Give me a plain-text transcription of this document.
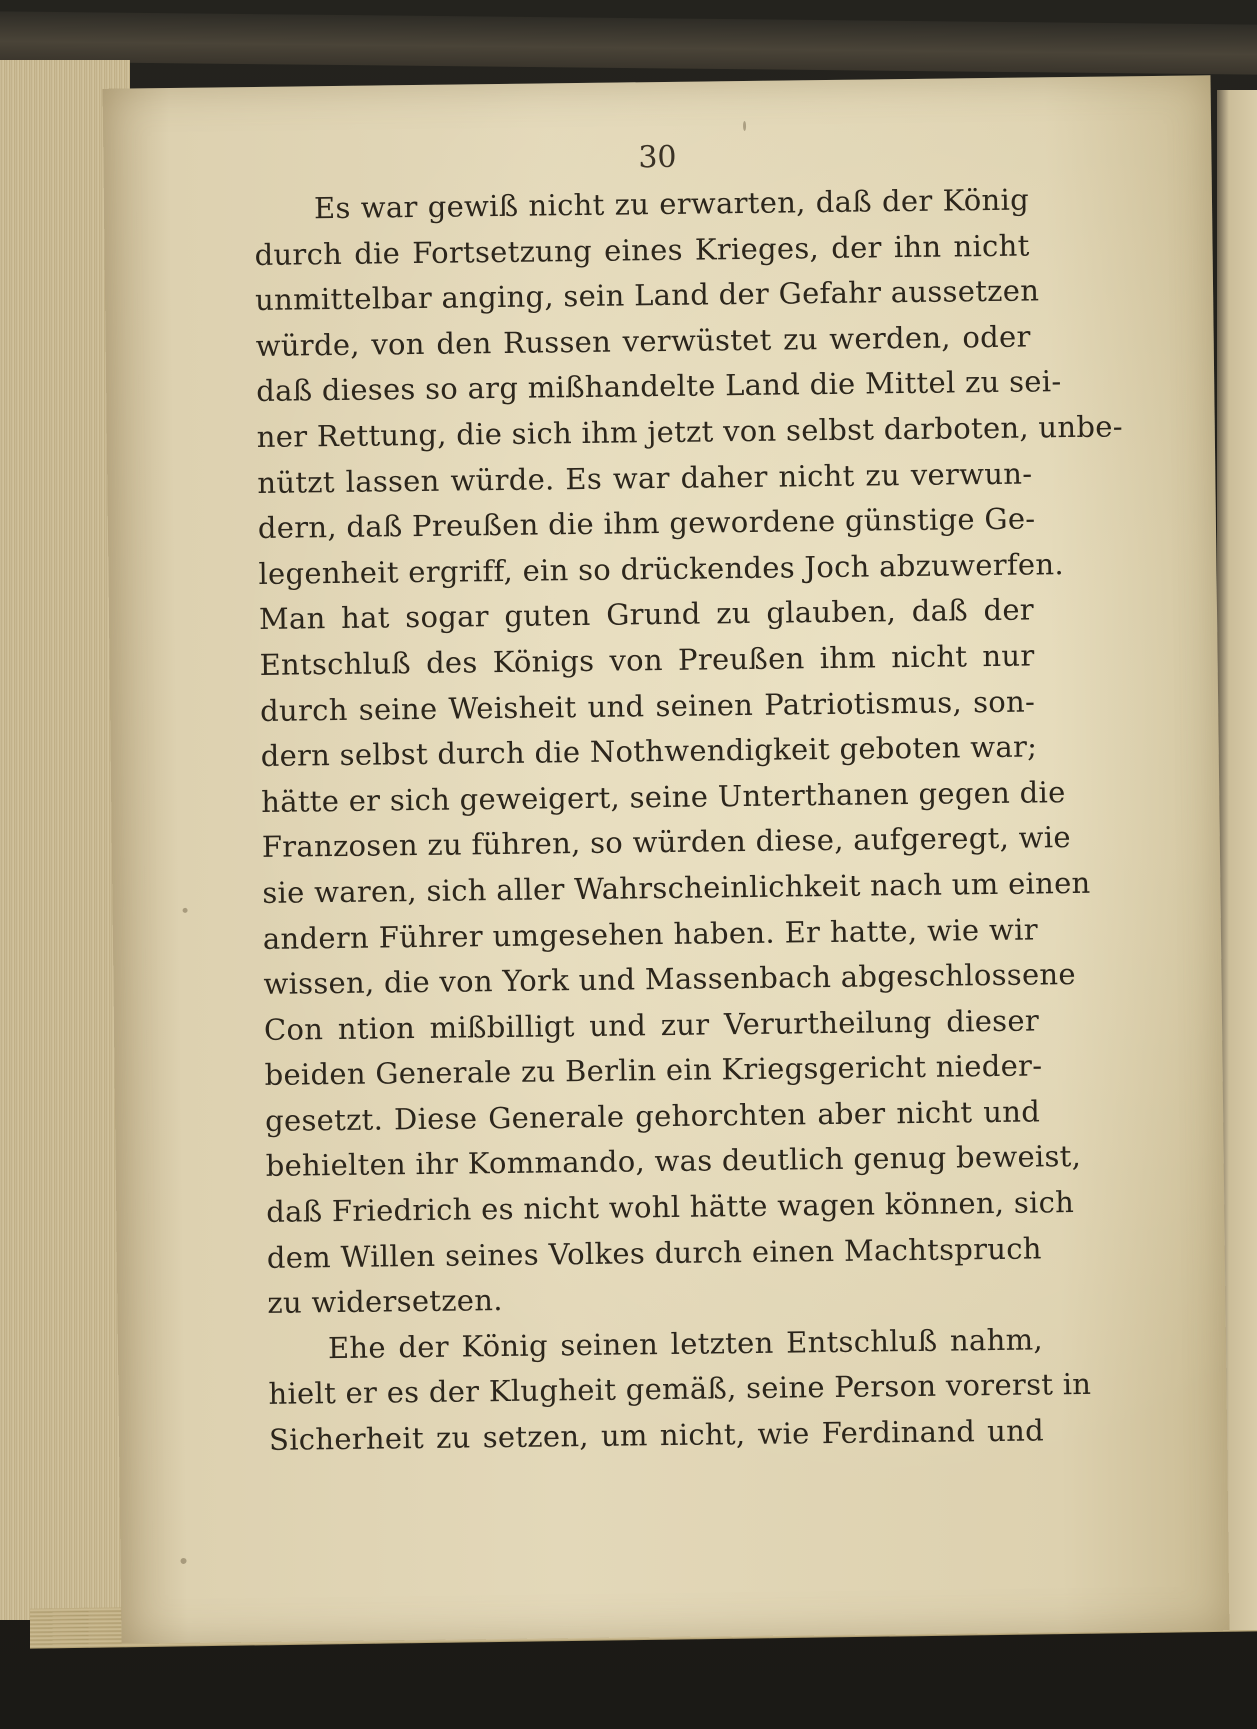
30
Es war gewiß nicht zu erwarten, daß der König
durch die Fortsetzung eines Krieges, der ihn nicht
unmittelbar anging, sein Land der Gefahr aussetzen
würde, von den Russen verwüstet zu werden, oder
daß dieses so arg mißhandelte Land die Mittel zu sei-
ner Rettung, die sich ihm jetzt von selbst darboten, unbe-
nützt lassen würde. Es war daher nicht zu verwun-
dern, daß Preußen die ihm gewordene günstige Ge-
legenheit ergriff, ein so drückendes Joch abzuwerfen.
Man hat sogar guten Grund zu glauben, daß der
Entschluß des Königs von Preußen ihm nicht nur
durch seine Weisheit und seinen Patriotismus, son-
dern selbst durch die Nothwendigkeit geboten war;
hätte er sich geweigert, seine Unterthanen gegen die
Franzosen zu führen, so würden diese, aufgeregt, wie
sie waren, sich aller Wahrscheinlichkeit nach um einen
andern Führer umgesehen haben. Er hatte, wie wir
wissen, die von York und Massenbach abgeschlossene
Con ntion mißbilligt und zur Verurtheilung dieser
beiden Generale zu Berlin ein Kriegsgericht nieder-
gesetzt. Diese Generale gehorchten aber nicht und
behielten ihr Kommando, was deutlich genug beweist,
daß Friedrich es nicht wohl hätte wagen können, sich
dem Willen seines Volkes durch einen Machtspruch
zu widersetzen.
Ehe der König seinen letzten Entschluß nahm,
hielt er es der Klugheit gemäß, seine Person vorerst in
Sicherheit zu setzen, um nicht, wie Ferdinand und
